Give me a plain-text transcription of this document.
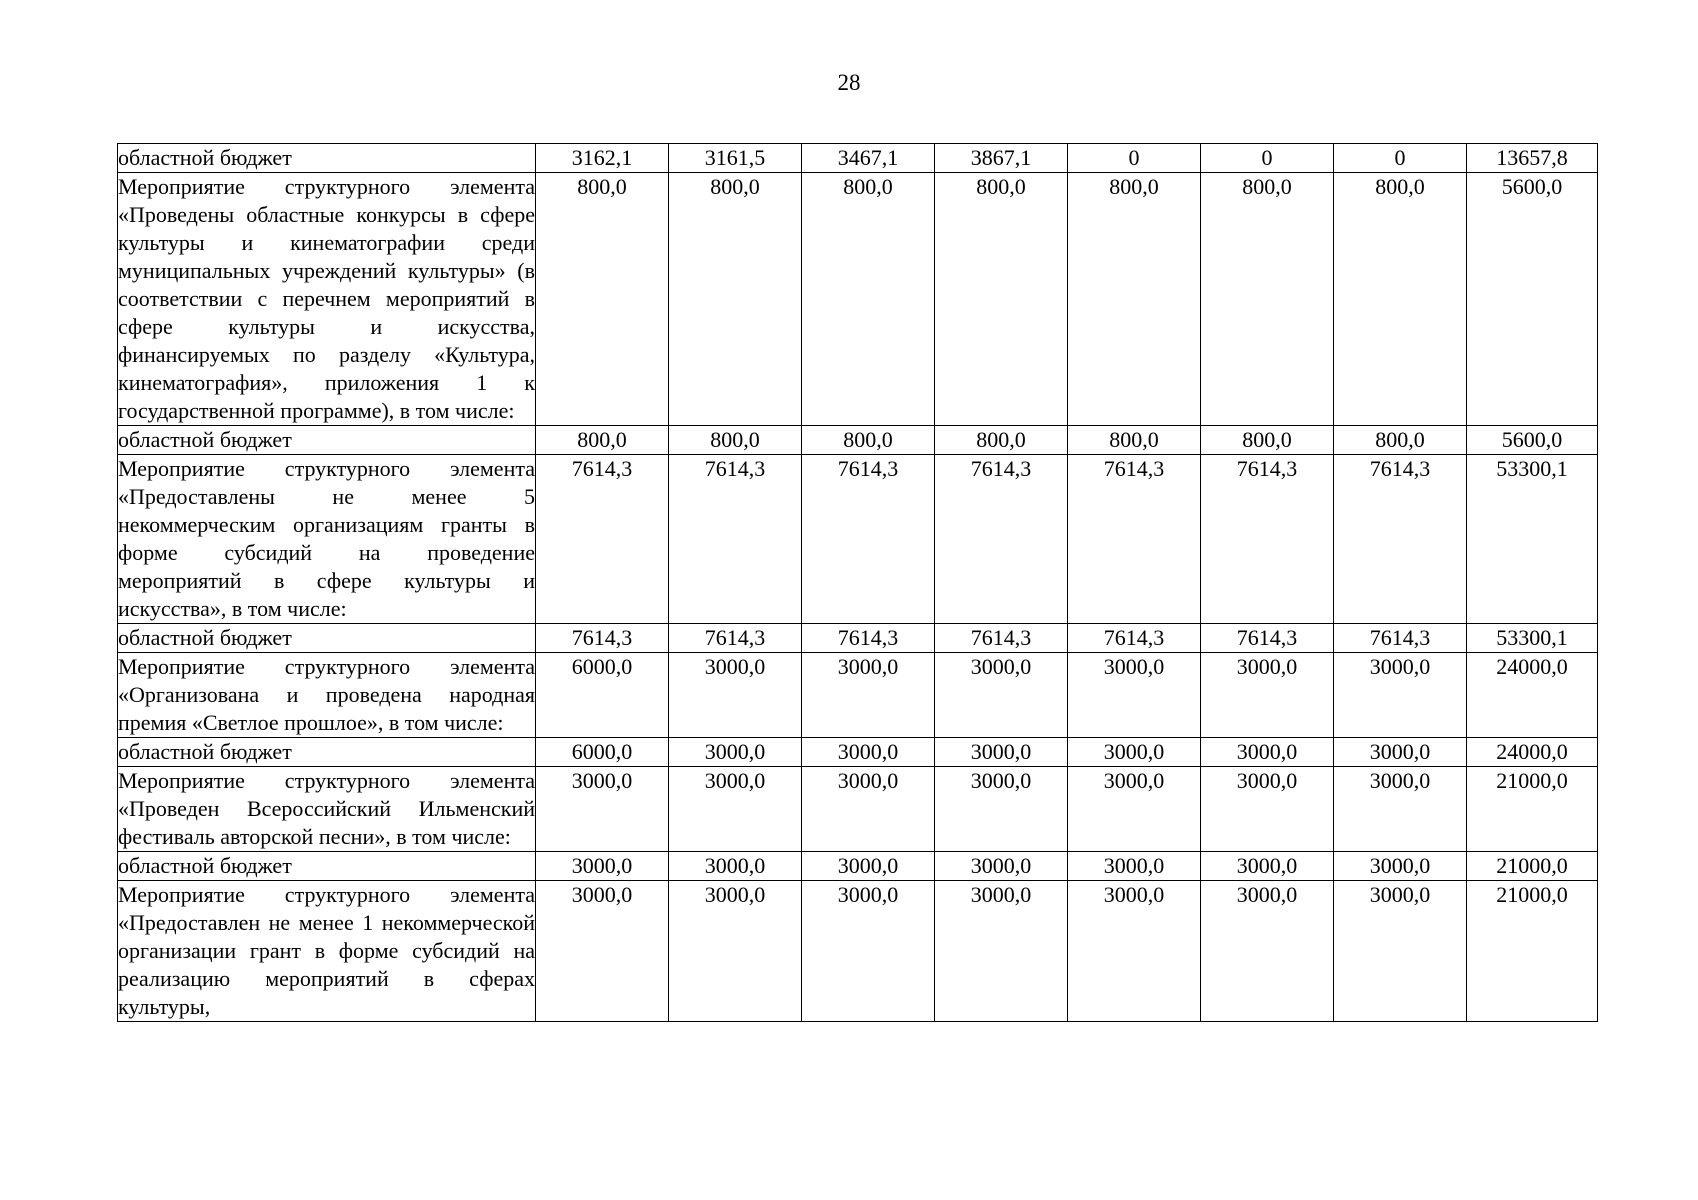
28
областной бюджет	3162,1	3161,5	3467,1	3867,1	0	0	0	13657,8
Мероприятие структурного элемента «Проведены областные конкурсы в сфере культуры и кинематографии среди муниципальных учреждений культуры» (в соответствии с перечнем мероприятий в сфере культуры и искусства, финансируемых по разделу «Культура, кинематография», приложения 1 к государственной программе), в том числе:	800,0	800,0	800,0	800,0	800,0	800,0	800,0	5600,0
областной бюджет	800,0	800,0	800,0	800,0	800,0	800,0	800,0	5600,0
Мероприятие структурного элемента «Предоставлены не менее 5 некоммерческим организациям гранты в форме субсидий на проведение мероприятий в сфере культуры и искусства», в том числе:	7614,3	7614,3	7614,3	7614,3	7614,3	7614,3	7614,3	53300,1
областной бюджет	7614,3	7614,3	7614,3	7614,3	7614,3	7614,3	7614,3	53300,1
Мероприятие структурного элемента «Организована и проведена народная премия «Светлое прошлое», в том числе:	6000,0	3000,0	3000,0	3000,0	3000,0	3000,0	3000,0	24000,0
областной бюджет	6000,0	3000,0	3000,0	3000,0	3000,0	3000,0	3000,0	24000,0
Мероприятие структурного элемента «Проведен Всероссийский Ильменский фестиваль авторской песни», в том числе:	3000,0	3000,0	3000,0	3000,0	3000,0	3000,0	3000,0	21000,0
областной бюджет	3000,0	3000,0	3000,0	3000,0	3000,0	3000,0	3000,0	21000,0
Мероприятие структурного элемента «Предоставлен не менее 1 некоммерческой организации грант в форме субсидий на реализацию мероприятий в сферах культуры,	3000,0	3000,0	3000,0	3000,0	3000,0	3000,0	3000,0	21000,0
